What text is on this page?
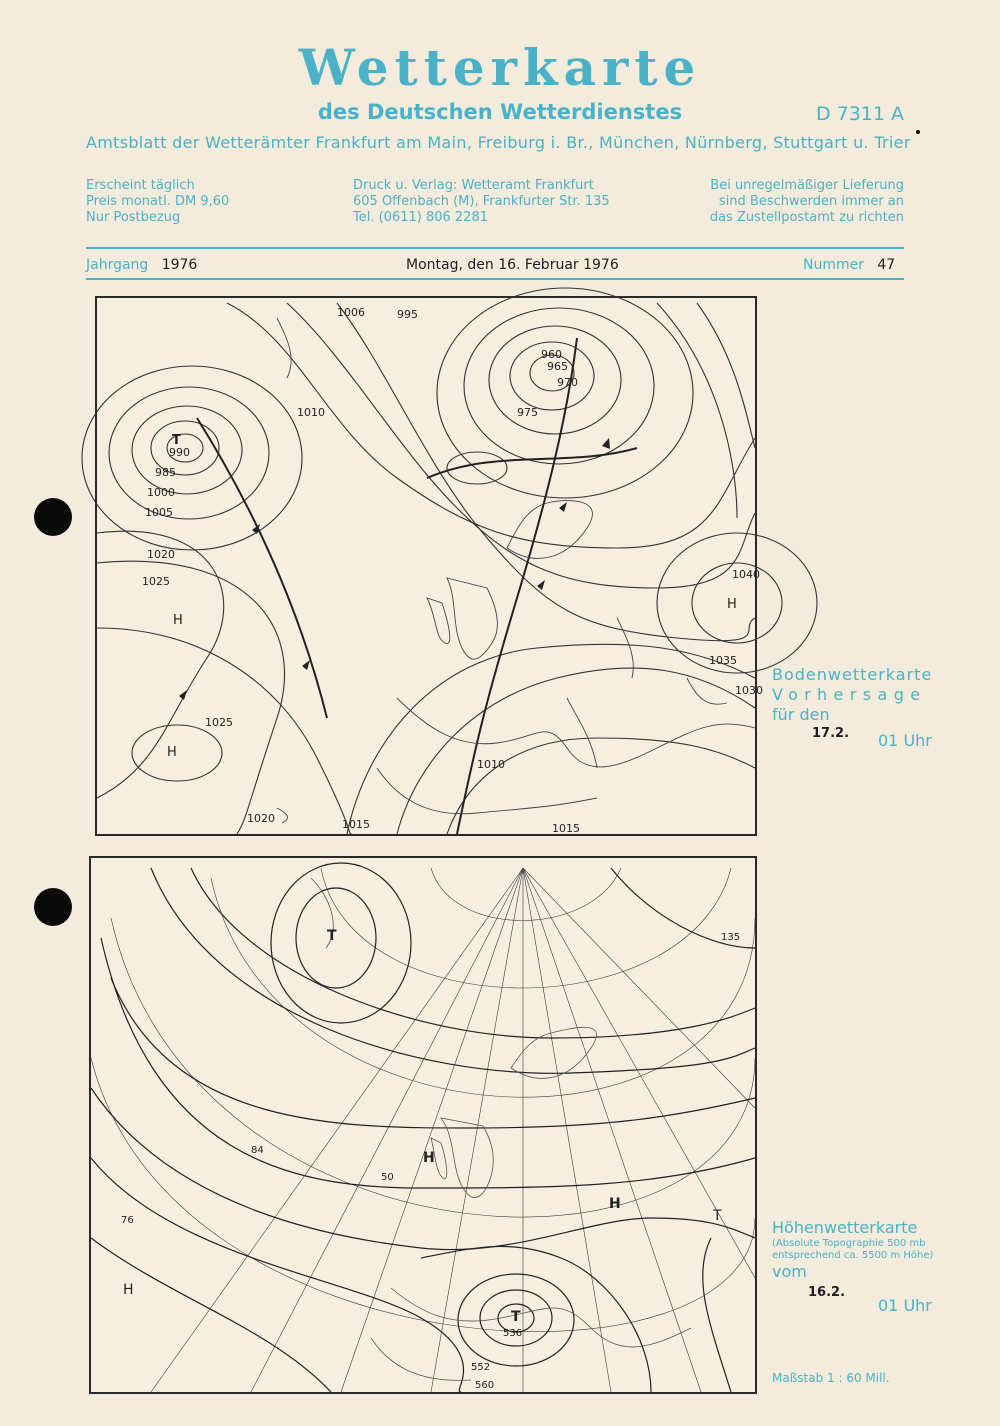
Wetterkarte
des Deutschen Wetterdienstes	D 7311 A
Amtsblatt der Wetterämter Frankfurt am Main, Freiburg i. Br., München, Nürnberg, Stuttgart u. Trier
Erscheint täglich
Preis monatl. DM 9,60
Nur Postbezug
Druck u. Verlag: Wetteramt Frankfurt
605 Offenbach (M), Frankfurter Str. 135
Tel. (0611) 806 2281
Bei unregelmäßiger Lieferung
sind Beschwerden immer an
das Zustellpostamt zu richten
Jahrgang 1976	Montag, den 16. Februar 1976	Nummer 47
T
H
H
H
1010
1015
1006
1000
995
990
985
1025
1020
1005
975
970
965
960
1040
1035
1030
1025
1020
1015
1010
Bodenwetterkarte
Vorhersage
für den
17.2. 01 Uhr
T
H
H
H
T
T
552
560
536
76
84
50
135
Höhenwetterkarte
(Absolute Topographie 500 mb
entsprechend ca. 5500 m Höhe)
vom
16.2.
01 Uhr
Maßstab 1 : 60 Mill.
